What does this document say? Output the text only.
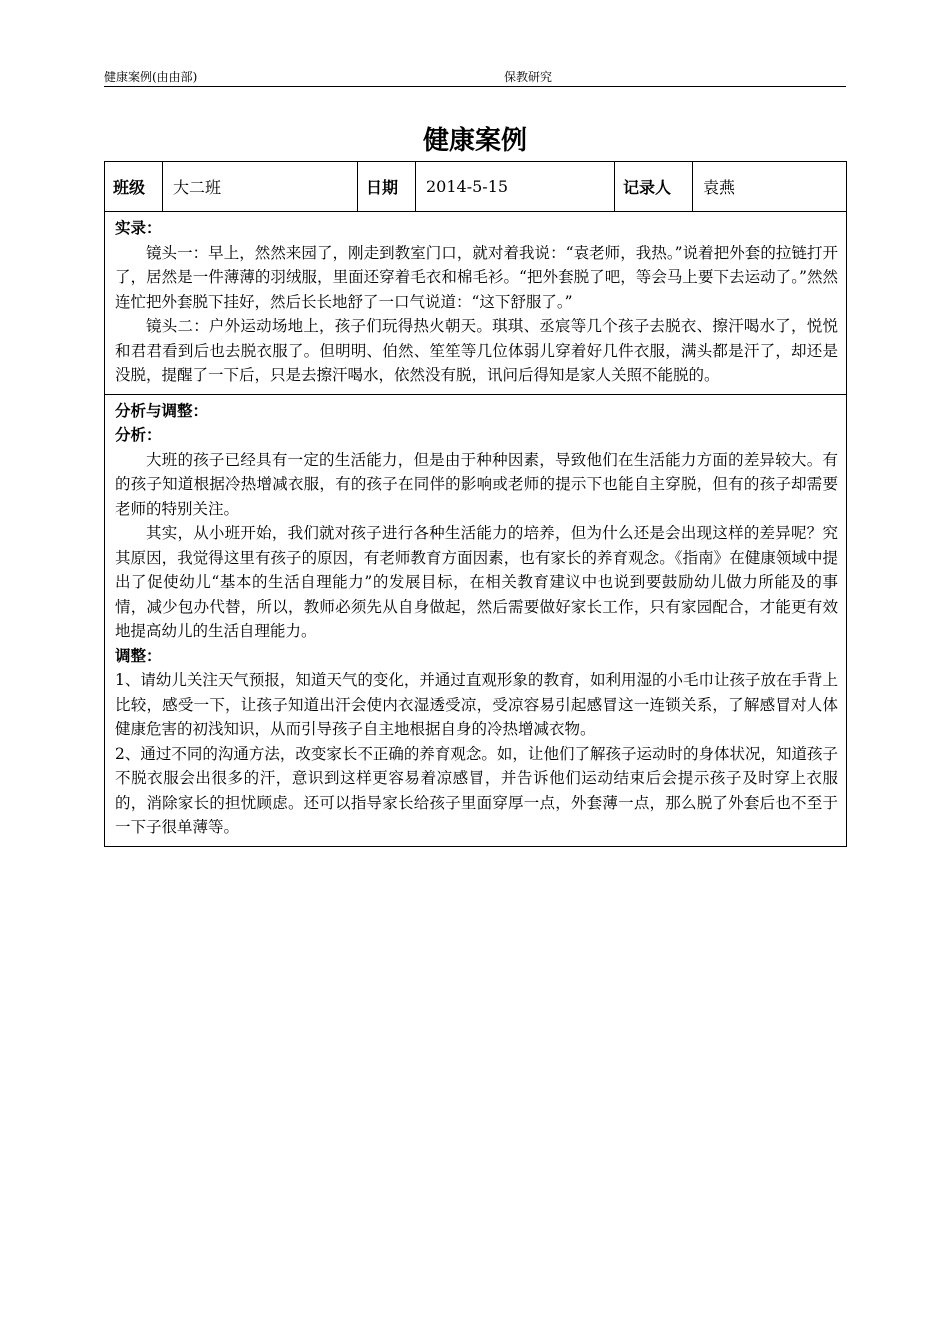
健康案例(由由部)	保教研究
健康案例
班级	大二班	日期	2014-5-15	记录人	袁燕

实录：

镜头一：早上，然然来园了，刚走到教室门口，就对着我说：“袁老师，我热。”说着把外套的拉链打开了，居然是一件薄薄的羽绒服，里面还穿着毛衣和棉毛衫。“把外套脱了吧，等会马上要下去运动了。”然然连忙把外套脱下挂好，然后长长地舒了一口气说道：“这下舒服了。”

镜头二：户外运动场地上，孩子们玩得热火朝天。琪琪、丞宸等几个孩子去脱衣、擦汗喝水了，悦悦和君君看到后也去脱衣服了。但明明、伯然、笙笙等几位体弱儿穿着好几件衣服，满头都是汗了，却还是没脱，提醒了一下后，只是去擦汗喝水，依然没有脱，讯问后得知是家人关照不能脱的。

分析与调整：
分析：

大班的孩子已经具有一定的生活能力，但是由于种种因素，导致他们在生活能力方面的差异较大。有的孩子知道根据冷热增减衣服，有的孩子在同伴的影响或老师的提示下也能自主穿脱，但有的孩子却需要老师的特别关注。

其实，从小班开始，我们就对孩子进行各种生活能力的培养，但为什么还是会出现这样的差异呢？究其原因，我觉得这里有孩子的原因，有老师教育方面因素，也有家长的养育观念。《指南》在健康领域中提出了促使幼儿“基本的生活自理能力”的发展目标，在相关教育建议中也说到要鼓励幼儿做力所能及的事情，减少包办代替，所以，教师必须先从自身做起，然后需要做好家长工作，只有家园配合，才能更有效地提高幼儿的生活自理能力。

调整：

1、请幼儿关注天气预报，知道天气的变化，并通过直观形象的教育，如利用湿的小毛巾让孩子放在手背上比较，感受一下，让孩子知道出汗会使内衣湿透受凉，受凉容易引起感冒这一连锁关系，了解感冒对人体健康危害的初浅知识，从而引导孩子自主地根据自身的冷热增减衣物。

2、通过不同的沟通方法，改变家长不正确的养育观念。如，让他们了解孩子运动时的身体状况，知道孩子不脱衣服会出很多的汗，意识到这样更容易着凉感冒，并告诉他们运动结束后会提示孩子及时穿上衣服的，消除家长的担忧顾虑。还可以指导家长给孩子里面穿厚一点，外套薄一点，那么脱了外套后也不至于一下子很单薄等。
